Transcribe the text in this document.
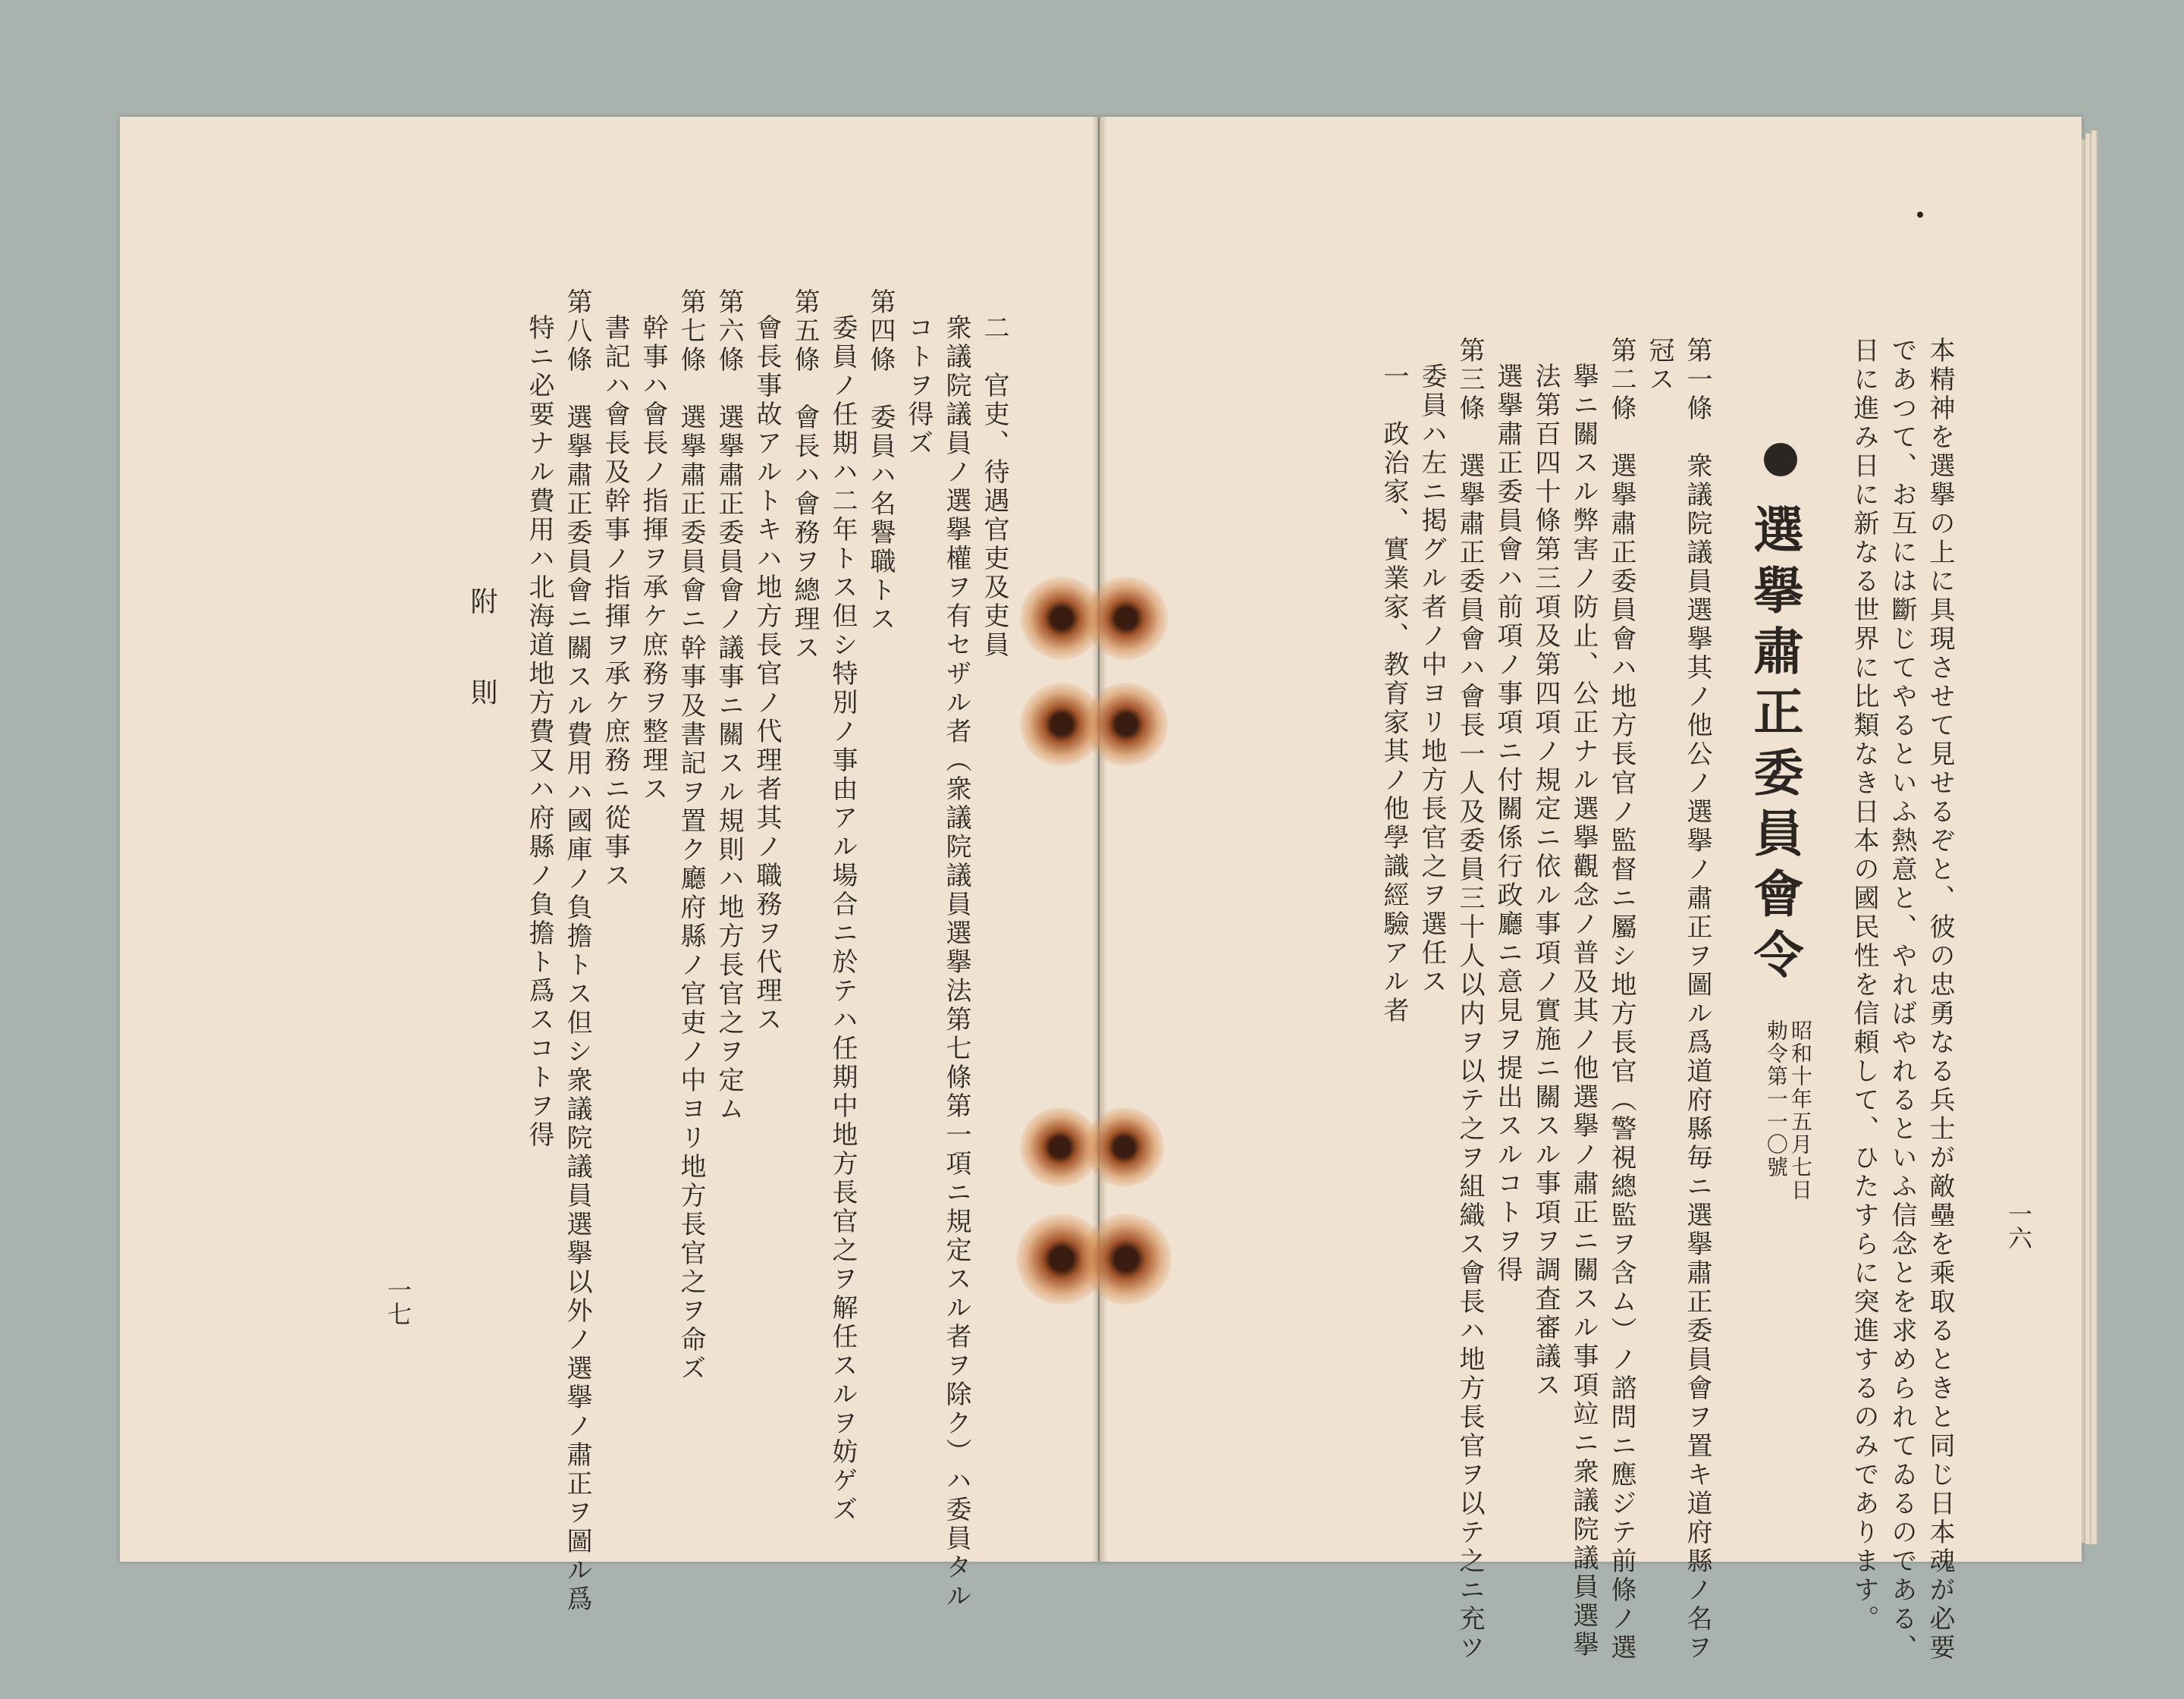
二　官吏、待遇官吏及吏員
衆議院議員ノ選擧權ヲ有セザル者（衆議院議員選擧法第七條第一項ニ規定スル者ヲ除ク）ハ委員タル
コトヲ得ズ
第四條　委員ハ名譽職トス
委員ノ任期ハ二年トス但シ特別ノ事由アル場合ニ於テハ任期中地方長官之ヲ解任スルヲ妨ゲズ
第五條　會長ハ會務ヲ總理ス
會長事故アルトキハ地方長官ノ代理者其ノ職務ヲ代理ス
第六條　選擧肅正委員會ノ議事ニ關スル規則ハ地方長官之ヲ定ム
第七條　選擧肅正委員會ニ幹事及書記ヲ置ク廳府縣ノ官吏ノ中ヨリ地方長官之ヲ命ズ
幹事ハ會長ノ指揮ヲ承ケ庶務ヲ整理ス
書記ハ會長及幹事ノ指揮ヲ承ケ庶務ニ從事ス
第八條　選擧肅正委員會ニ關スル費用ハ國庫ノ負擔トス但シ衆議院議員選擧以外ノ選擧ノ肅正ヲ圖ル爲
特ニ必要ナル費用ハ北海道地方費又ハ府縣ノ負擔ト爲スコトヲ得
附　　則
一七
一六
本精神を選擧の上に具現させて見せるぞと、彼の忠勇なる兵士が敵壘を乘取るときと同じ日本魂が必要
であつて、お互には斷じてやるといふ熱意と、やればやれるといふ信念とを求められてゐるのである、
日に進み日に新なる世界に比類なき日本の國民性を信頼して、ひたすらに突進するのみであります。
選擧肅正委員會令
昭和十年五月七日
勅令第一一〇號
第一條　衆議院議員選擧其ノ他公ノ選擧ノ肅正ヲ圖ル爲道府縣毎ニ選擧肅正委員會ヲ置キ道府縣ノ名ヲ
冠ス
第二條　選擧肅正委員會ハ地方長官ノ監督ニ屬シ地方長官（警視總監ヲ含ム）ノ諮問ニ應ジテ前條ノ選
擧ニ關スル弊害ノ防止、公正ナル選擧觀念ノ普及其ノ他選擧ノ肅正ニ關スル事項竝ニ衆議院議員選擧
法第百四十條第三項及第四項ノ規定ニ依ル事項ノ實施ニ關スル事項ヲ調査審議ス
選擧肅正委員會ハ前項ノ事項ニ付關係行政廳ニ意見ヲ提出スルコトヲ得
第三條　選擧肅正委員會ハ會長一人及委員三十人以内ヲ以テ之ヲ組織ス會長ハ地方長官ヲ以テ之ニ充ツ
委員ハ左ニ掲グル者ノ中ヨリ地方長官之ヲ選任ス
一　政治家、實業家、教育家其ノ他學識經驗アル者
